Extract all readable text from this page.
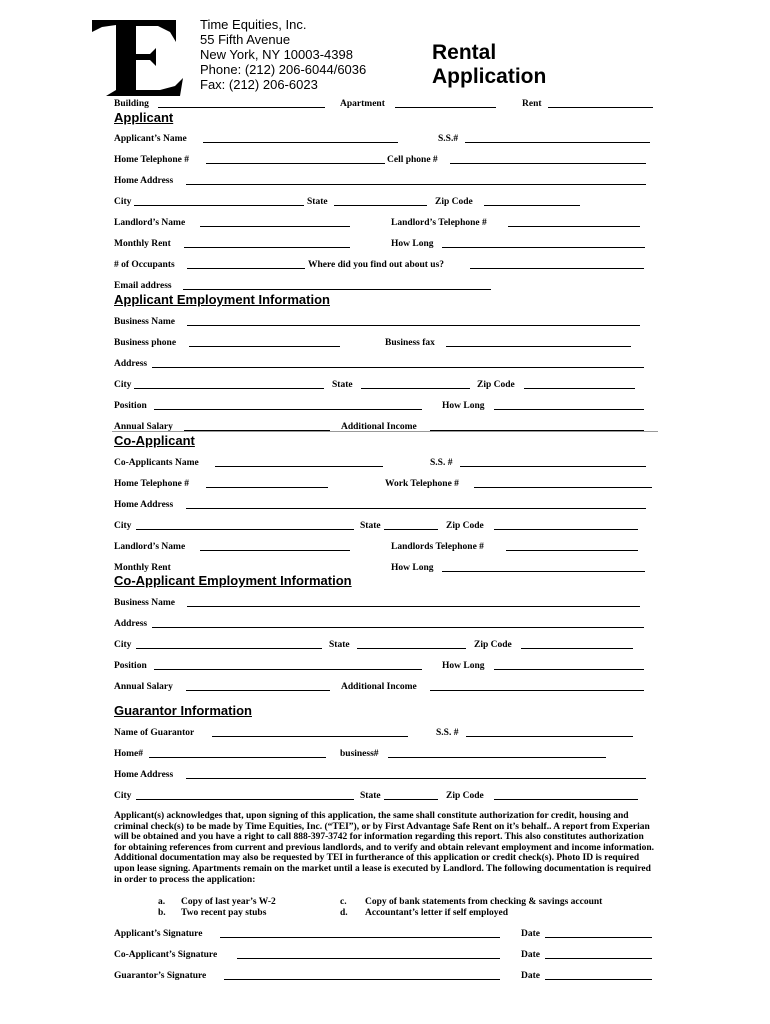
Time Equities, Inc.
55 Fifth Avenue
New York, NY 10003-4398
Phone: (212) 206-6044/6036
Fax: (212) 206-6023
Rental
Application
Building	Apartment	Rent
Applicant
Applicant’s Name	S.S.#
Home Telephone #	Cell phone #
Home Address
City	State	Zip Code
Landlord’s Name	Landlord’s Telephone #
Monthly Rent	How Long
# of Occupants	Where did you find out about us?
Email address
Applicant Employment Information
Business Name
Business phone	Business fax
Address
City	State	Zip Code
Position	How Long
Annual Salary	Additional Income
Co-Applicant
Co-Applicants Name	S.S. #
Home Telephone #	Work Telephone #
Home Address
City	State	Zip Code
Landlord’s Name	Landlords Telephone #
Monthly Rent	How Long
Co-Applicant Employment Information
Business Name
Address
City	State	Zip Code
Position	How Long
Annual Salary	Additional Income
Guarantor Information
Name of Guarantor	S.S. #
Home#	business#
Home Address
City	State	Zip Code

Applicant(s) acknowledges that, upon signing of this application, the same shall constitute authorization for credit, housing and criminal check(s) to be made by Time Equities, Inc. (“TEI”), or by First Advantage Safe Rent on it’s behalf.. A report from Experian will be obtained and you have a right to call 888-397-3742 for information regarding this report. This also constitutes authorization for obtaining references from current and previous landlords, and to verify and obtain relevant employment and income information. Additional documentation may also be requested by TEI in furtherance of this application or credit check(s). Photo ID is required upon lease signing. Apartments remain on the market until a lease is executed by Landlord. The following documentation is required in order to process the application:

a. Copy of last year’s W-2	c. Copy of bank statements from checking & savings account
b. Two recent pay stubs	d. Accountant’s letter if self employed
Applicant’s Signature	Date
Co-Applicant’s Signature	Date
Guarantor’s Signature	Date
